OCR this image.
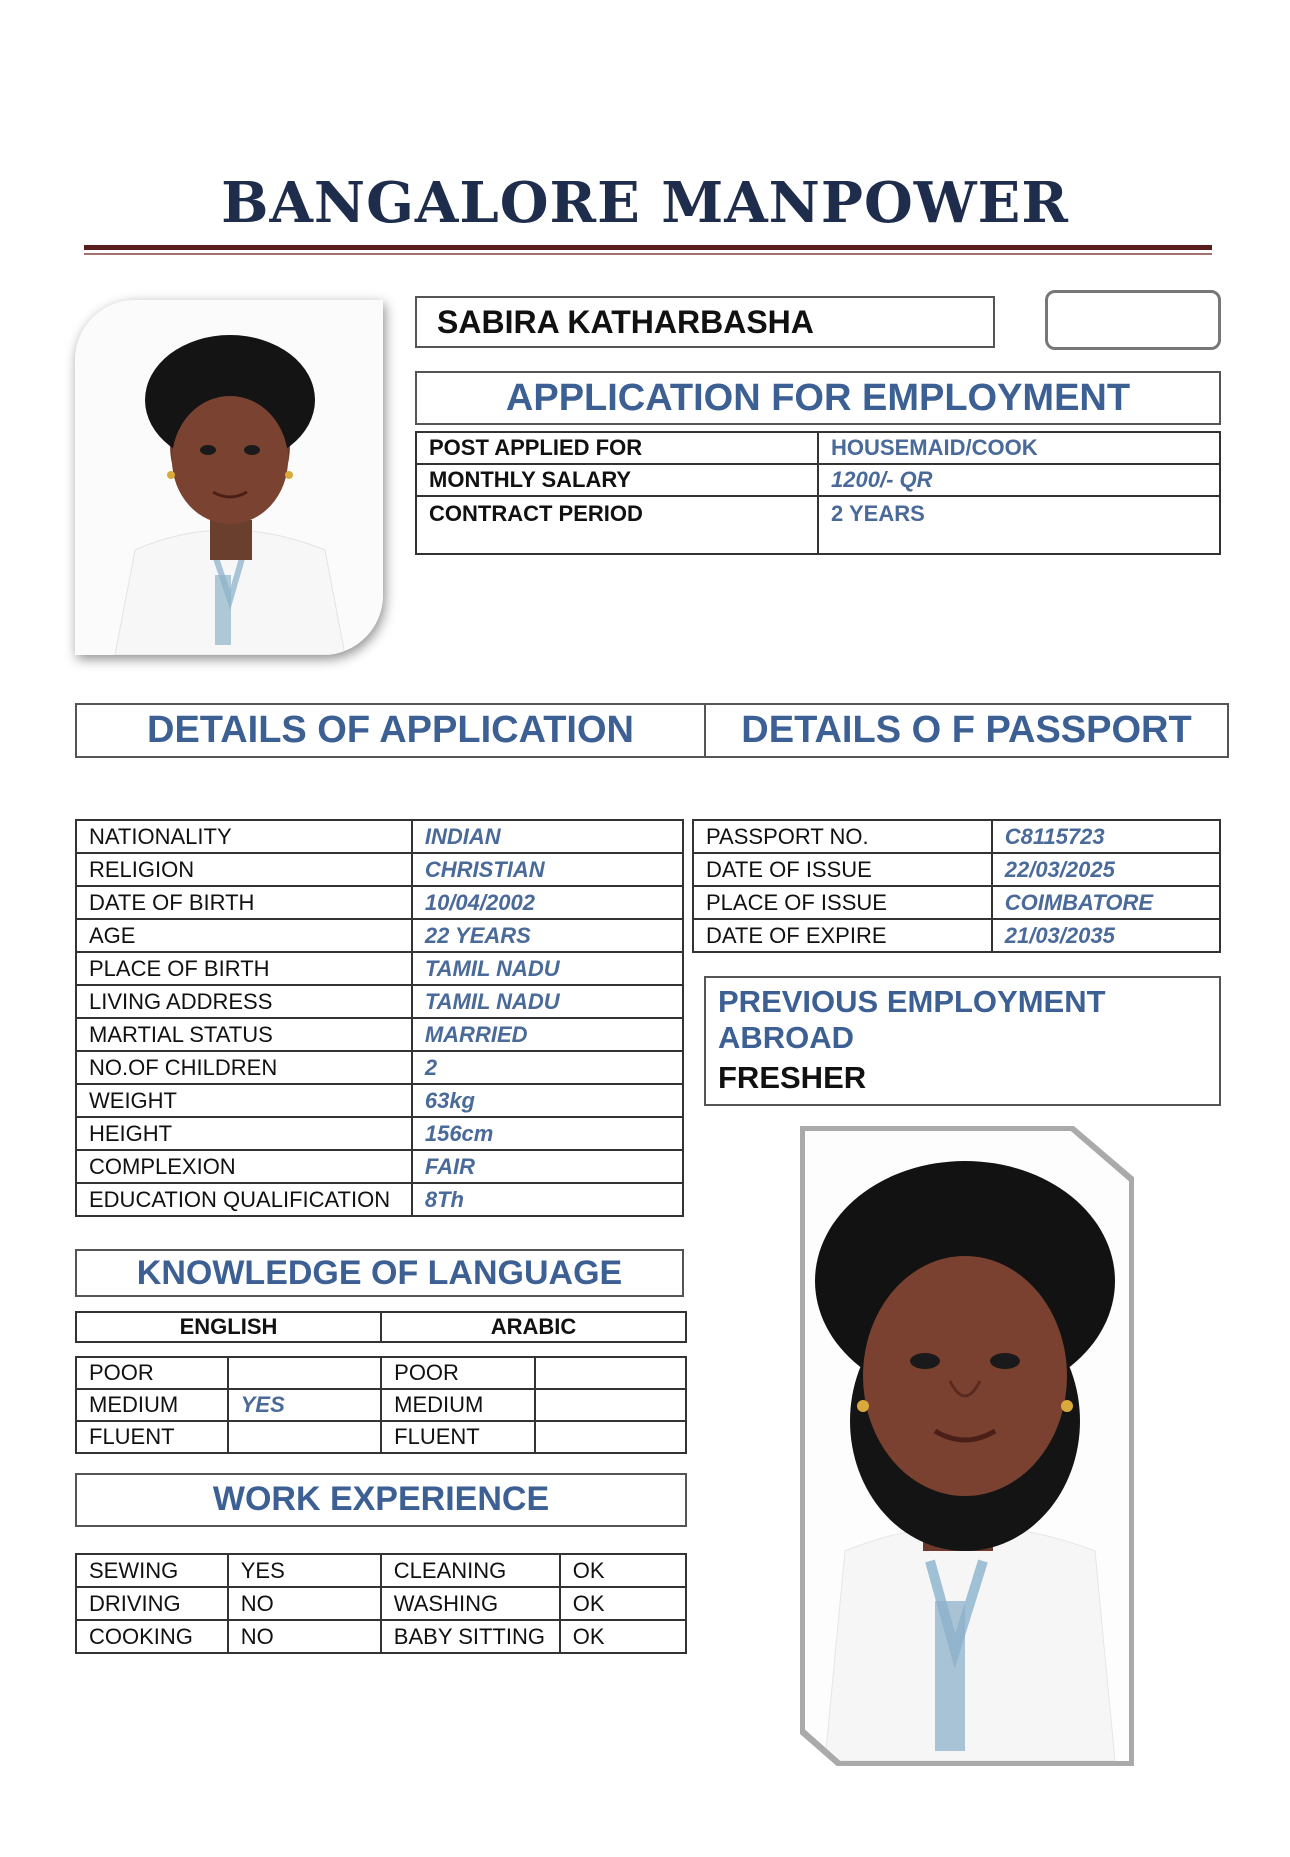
BANGALORE MANPOWER
SABIRA KATHARBASHA
APPLICATION FOR EMPLOYMENT
POST APPLIED FOR	HOUSEMAID/COOK
MONTHLY SALARY	1200/- QR
CONTRACT PERIOD	2 YEARS
DETAILS OF APPLICATION	DETAILS O F PASSPORT
NATIONALITY	INDIAN
RELIGION	CHRISTIAN
DATE OF BIRTH	10/04/2002
AGE	22 YEARS
PLACE OF BIRTH	TAMIL NADU
LIVING ADDRESS	TAMIL NADU
MARTIAL STATUS	MARRIED
NO.OF CHILDREN	2
WEIGHT	63kg
HEIGHT	156cm
COMPLEXION	FAIR
EDUCATION QUALIFICATION	8Th
PASSPORT NO.	C8115723
DATE OF ISSUE	22/03/2025
PLACE OF ISSUE	COIMBATORE
DATE OF EXPIRE	21/03/2035
PREVIOUS EMPLOYMENT ABROAD
FRESHER
KNOWLEDGE OF LANGUAGE
ENGLISH	ARABIC
POOR		POOR	
MEDIUM	YES	MEDIUM	
FLUENT		FLUENT	
WORK EXPERIENCE
SEWING	YES	CLEANING	OK
DRIVING	NO	WASHING	OK
COOKING	NO	BABY SITTING	OK
